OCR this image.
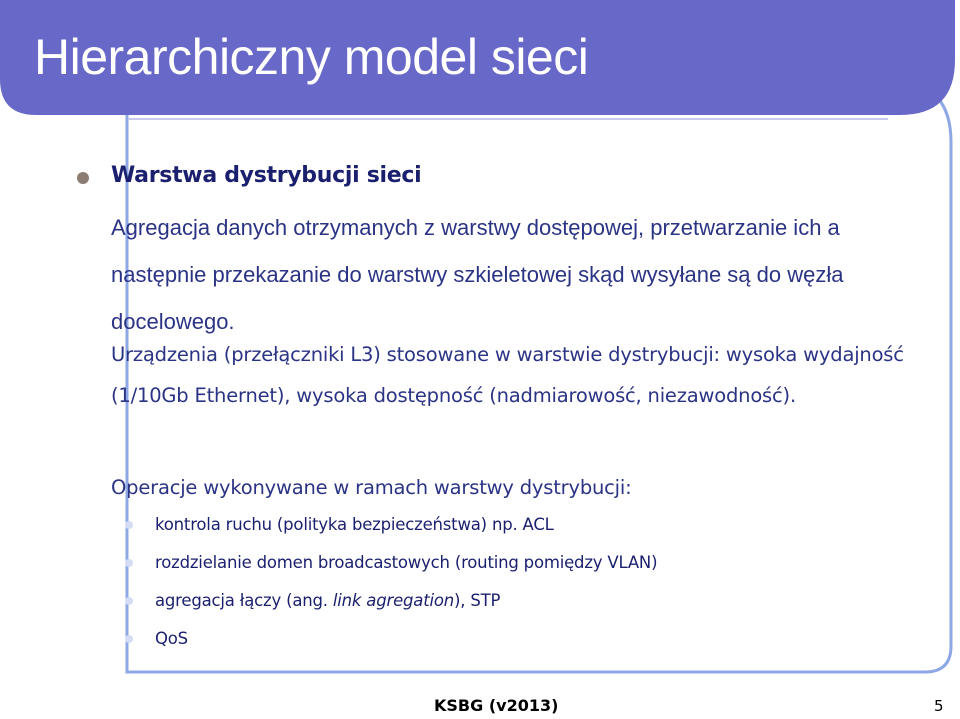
Hierarchiczny model sieci
Warstwa dystrybucji sieci
Agregacja danych otrzymanych z warstwy dostępowej, przetwarzanie ich a następnie przekazanie do warstwy szkieletowej skąd wysyłane są do węzła docelowego.
Urządzenia (przełączniki L3) stosowane w warstwie dystrybucji: wysoka wydajność (1/10Gb Ethernet), wysoka dostępność (nadmiarowość, niezawodność).
Operacje wykonywane w ramach warstwy dystrybucji:
kontrola ruchu (polityka bezpieczeństwa) np. ACL
rozdzielanie domen broadcastowych (routing pomiędzy VLAN)
agregacja łączy (ang. link agregation), STP
QoS
KSBG (v2013)	5
